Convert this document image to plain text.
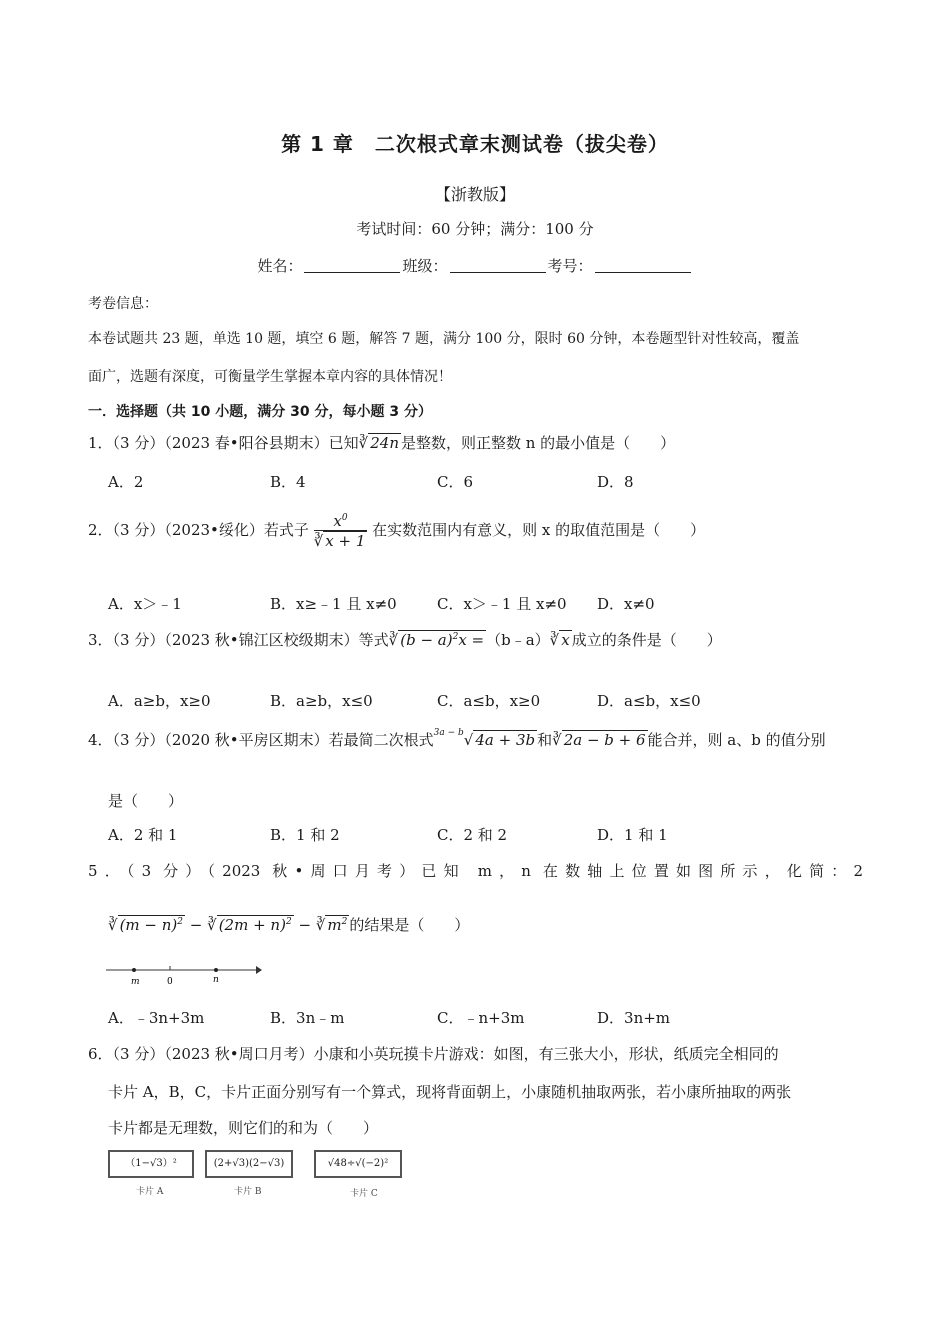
第 1 章　二次根式章末测试卷（拔尖卷）
【浙教版】
考试时间：60 分钟；满分：100 分
姓名：	班级：	考号：
考卷信息：
本卷试题共 23 题，单选 10 题，填空 6 题，解答 7 题，满分 100 分，限时 60 分钟，本卷题型针对性较高，覆盖
面广，选题有深度，可衡量学生掌握本章内容的具体情况！
一．选择题（共 10 小题，满分 30 分，每小题 3 分）
1．（3 分）（2023 春•阳谷县期末）已知∛ 24n 是整数，则正整数 n 的最小值是（　　）
A．2	B．4	C．6	D．8
2．（3 分）（2023•绥化）若式子 $\frac{x^0}{∛ x + 1}$ 在实数范围内有意义，则 x 的取值范围是（　　）
A．x＞﹣1	B．x≥﹣1 且 x≠0	C．x＞﹣1 且 x≠0 D．x≠0
3．（3 分）（2023 秋•锦江区校级期末）等式∛ $(b - a)^2x$ = （b﹣a）∛ x 成立的条件是（　　）
A．a≥b，x≥0	B．a≥b，x≤0	C．a≤b，x≥0	D．a≤b，x≤0
4．（3 分）（2020 秋•平房区期末）若最简二次根式$^{3a - b}$√ 4a + 3b 和∛ 2a − b + 6 能合并，则 a、b 的值分别
是（　　）
A．2 和 1	B．1 和 2	C．2 和 2	D．1 和 1
5．（3 分）（2023 秋•周口月考）已知 m，n 在数轴上位置如图所示，化简：2
∛ $(m - n)^2$ − ∛ $(2m + n)^2$ − ∛ $m^2$ 的结果是（　　）
m	0	n
A．﹣3n+3m	B．3n﹣m	C．﹣n+3m	D．3n+m
6．（3 分）（2023 秋•周口月考）小康和小英玩摸卡片游戏：如图，有三张大小，形状，纸质完全相同的
卡片 A，B，C，卡片正面分别写有一个算式，现将背面朝上，小康随机抽取两张，若小康所抽取的两张
卡片都是无理数，则它们的和为（　　）
（1−√3）²
卡片 A
(2+√3)(2−√3)
卡片 B
√48÷√(−2)²
卡片 C
